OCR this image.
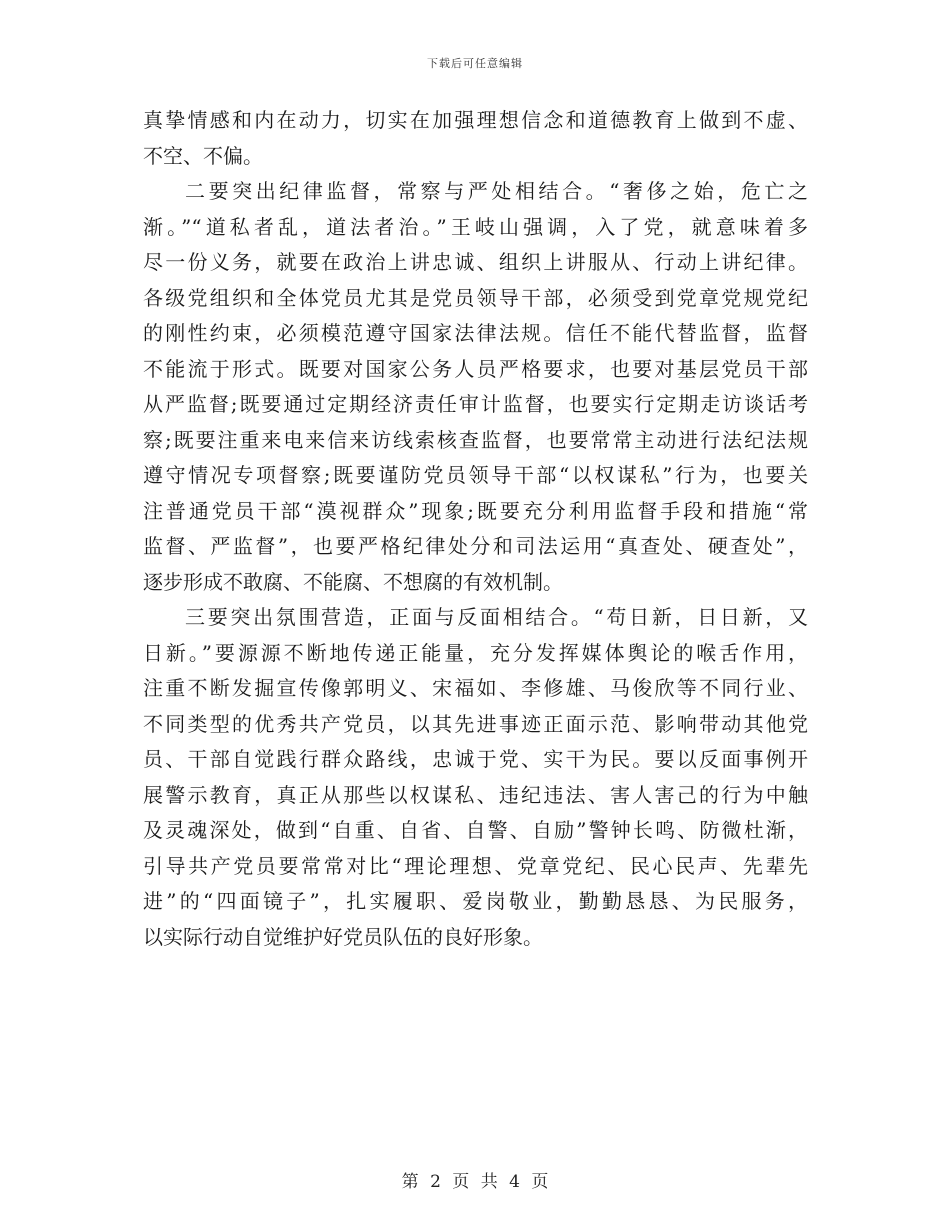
下载后可任意编辑
真挚情感和内在动力，切实在加强理想信念和道德教育上做到不虚、
不空、不偏。
二要突出纪律监督，常察与严处相结合。“奢侈之始，危亡之
渐。”“道私者乱，道法者治。”王岐山强调，入了党，就意味着多
尽一份义务，就要在政治上讲忠诚、组织上讲服从、行动上讲纪律。
各级党组织和全体党员尤其是党员领导干部，必须受到党章党规党纪
的刚性约束，必须模范遵守国家法律法规。信任不能代替监督，监督
不能流于形式。既要对国家公务人员严格要求，也要对基层党员干部
从严监督;既要通过定期经济责任审计监督，也要实行定期走访谈话考
察;既要注重来电来信来访线索核查监督，也要常常主动进行法纪法规
遵守情况专项督察;既要谨防党员领导干部“以权谋私”行为，也要关
注普通党员干部“漠视群众”现象;既要充分利用监督手段和措施“常
监督、严监督”，也要严格纪律处分和司法运用“真查处、硬查处”，
逐步形成不敢腐、不能腐、不想腐的有效机制。
三要突出氛围营造，正面与反面相结合。“苟日新，日日新，又
日新。”要源源不断地传递正能量，充分发挥媒体舆论的喉舌作用，
注重不断发掘宣传像郭明义、宋福如、李修雄、马俊欣等不同行业、
不同类型的优秀共产党员，以其先进事迹正面示范、影响带动其他党
员、干部自觉践行群众路线，忠诚于党、实干为民。要以反面事例开
展警示教育，真正从那些以权谋私、违纪违法、害人害己的行为中触
及灵魂深处，做到“自重、自省、自警、自励”警钟长鸣、防微杜渐，
引导共产党员要常常对比“理论理想、党章党纪、民心民声、先辈先
进”的“四面镜子”，扎实履职、爱岗敬业，勤勤恳恳、为民服务，
以实际行动自觉维护好党员队伍的良好形象。
第 2 页 共 4 页
